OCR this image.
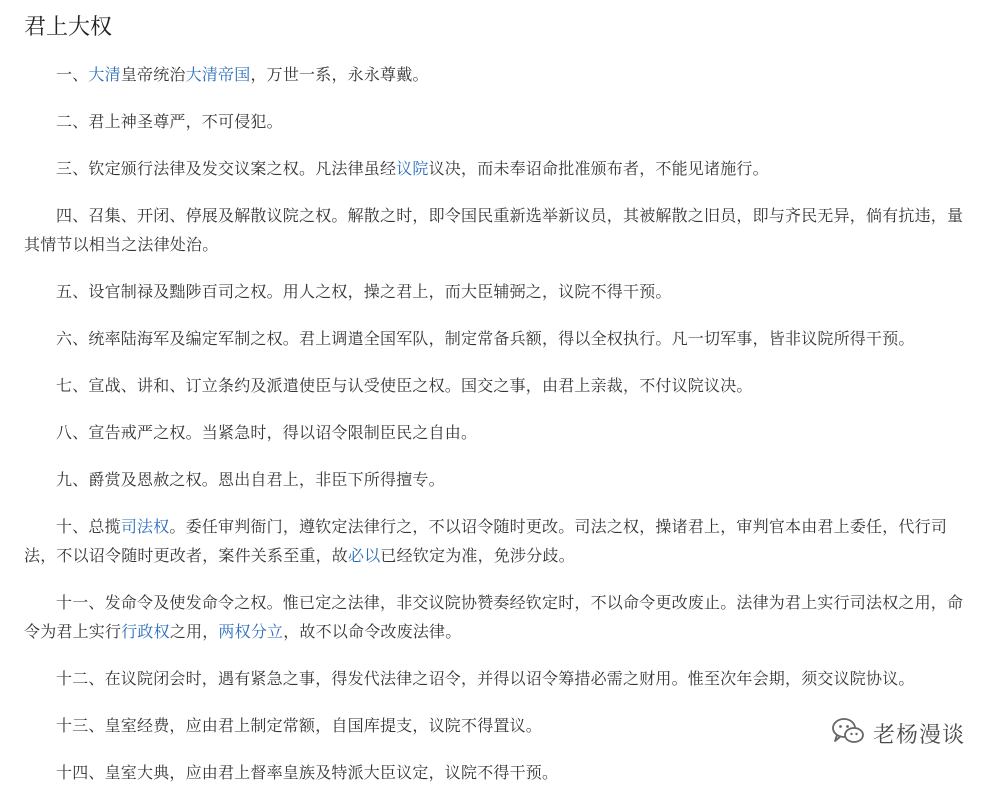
君上大权

一、大清皇帝统治大清帝国，万世一系，永永尊戴。

二、君上神圣尊严，不可侵犯。

三、钦定颁行法律及发交议案之权。凡法律虽经议院议决，而未奉诏命批准颁布者，不能见诸施行。

四、召集、开闭、停展及解散议院之权。解散之时，即令国民重新选举新议员，其被解散之旧员，即与齐民无异，倘有抗违，量其情节以相当之法律处治。

五、设官制禄及黜陟百司之权。用人之权，操之君上，而大臣辅弼之，议院不得干预。

六、统率陆海军及编定军制之权。君上调遣全国军队，制定常备兵额，得以全权执行。凡一切军事，皆非议院所得干预。

七、宣战、讲和、订立条约及派遣使臣与认受使臣之权。国交之事，由君上亲裁，不付议院议决。

八、宣告戒严之权。当紧急时，得以诏令限制臣民之自由。

九、爵赏及恩赦之权。恩出自君上，非臣下所得擅专。

十、总揽司法权。委任审判衙门，遵钦定法律行之，不以诏令随时更改。司法之权，操诸君上，审判官本由君上委任，代行司法，不以诏令随时更改者，案件关系至重，故必以已经钦定为准，免涉分歧。

十一、发命令及使发命令之权。惟已定之法律，非交议院协赞奏经钦定时，不以命令更改废止。法律为君上实行司法权之用，命令为君上实行行政权之用，两权分立，故不以命令改废法律。

十二、在议院闭会时，遇有紧急之事，得发代法律之诏令，并得以诏令筹措必需之财用。惟至次年会期，须交议院协议。

十三、皇室经费，应由君上制定常额，自国库提支，议院不得置议。

十四、皇室大典，应由君上督率皇族及特派大臣议定，议院不得干预。

老杨漫谈
